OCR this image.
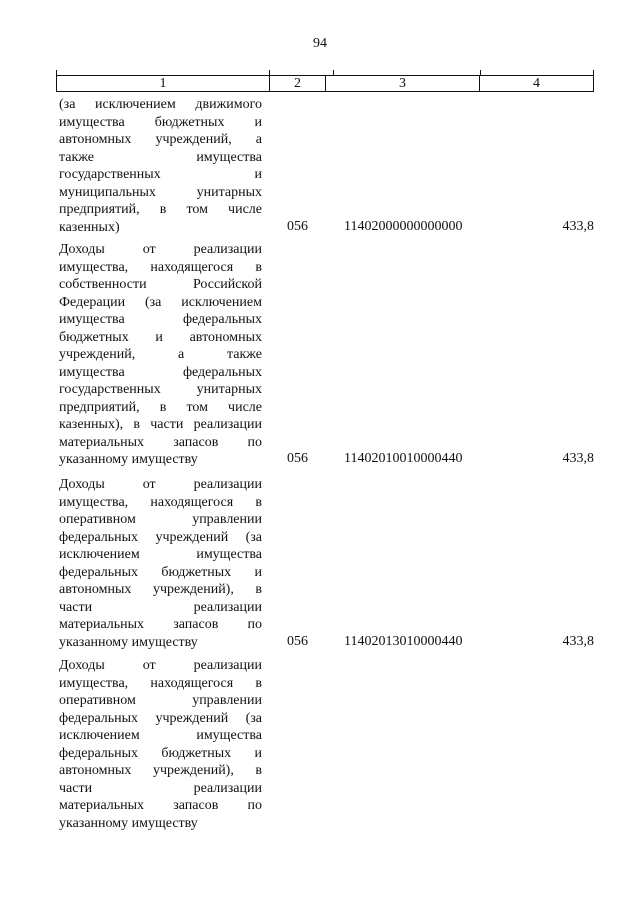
94
1	2	3	4
(за исключением движимого
имущества бюджетных и
автономных учреждений, а
также имущества
государственных и
муниципальных унитарных
предприятий, в том числе
казенных)	056	11402000000000000	433,8
Доходы от реализации
имущества, находящегося в
собственности Российской
Федерации (за исключением
имущества федеральных
бюджетных и автономных
учреждений, а также
имущества федеральных
государственных унитарных
предприятий, в том числе
казенных), в части реализации
материальных запасов по
указанному имуществу	056	11402010010000440	433,8
Доходы от реализации
имущества, находящегося в
оперативном управлении
федеральных учреждений (за
исключением имущества
федеральных бюджетных и
автономных учреждений), в
части реализации
материальных запасов по
указанному имуществу	056	11402013010000440	433,8
Доходы от реализации
имущества, находящегося в
оперативном управлении
федеральных учреждений (за
исключением имущества
федеральных бюджетных и
автономных учреждений), в
части реализации
материальных запасов по
указанному имуществу
